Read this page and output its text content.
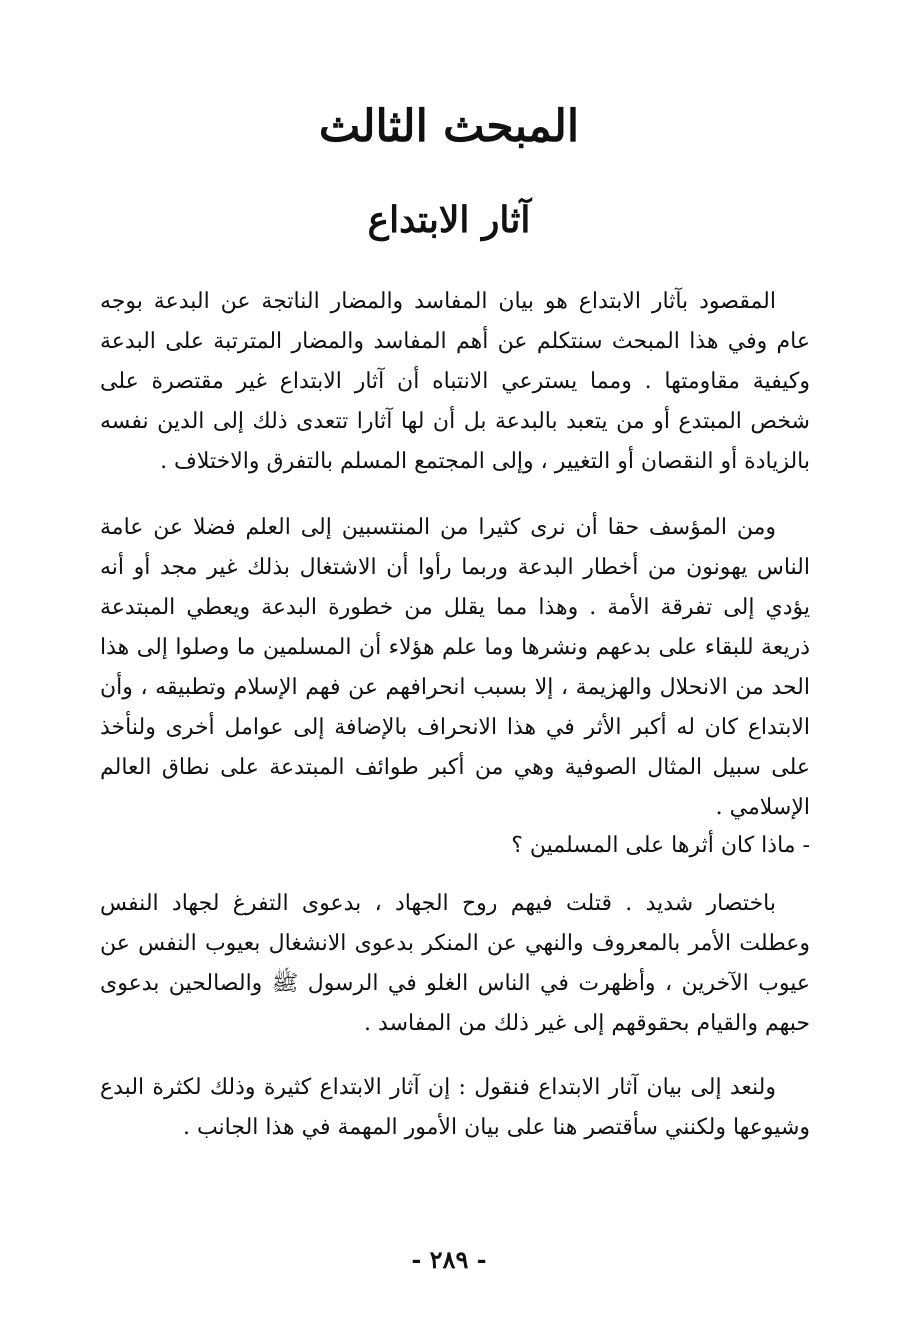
المبحث الثالث
آثار الابتداع

المقصود بآثار الابتداع هو بيان المفاسد والمضار الناتجة عن البدعة بوجه عام وفي هذا المبحث سنتكلم عن أهم المفاسد والمضار المترتبة على البدعة وكيفية مقاومتها . ومما يسترعي الانتباه أن آثار الابتداع غير مقتصرة على شخص المبتدع أو من يتعبد بالبدعة بل أن لها آثارا تتعدى ذلك إلى الدين نفسه بالزيادة أو النقصان أو التغيير ، وإلى المجتمع المسلم بالتفرق والاختلاف .

ومن المؤسف حقا أن نرى كثيرا من المنتسبين إلى العلم فضلا عن عامة الناس يهونون من أخطار البدعة وربما رأوا أن الاشتغال بذلك غير مجد أو أنه يؤدي إلى تفرقة الأمة . وهذا مما يقلل من خطورة البدعة ويعطي المبتدعة ذريعة للبقاء على بدعهم ونشرها وما علم هؤلاء أن المسلمين ما وصلوا إلى هذا الحد من الانحلال والهزيمة ، إلا بسبب انحرافهم عن فهم الإسلام وتطبيقه ، وأن الابتداع كان له أكبر الأثر في هذا الانحراف بالإضافة إلى عوامل أخرى ولنأخذ على سبيل المثال الصوفية وهي من أكبر طوائف المبتدعة على نطاق العالم الإسلامي .

- ماذا كان أثرها على المسلمين ؟

باختصار شديد . قتلت فيهم روح الجهاد ، بدعوى التفرغ لجهاد النفس وعطلت الأمر بالمعروف والنهي عن المنكر بدعوى الانشغال بعيوب النفس عن عيوب الآخرين ، وأظهرت في الناس الغلو في الرسول ﷺ والصالحين بدعوى حبهم والقيام بحقوقهم إلى غير ذلك من المفاسد .

ولنعد إلى بيان آثار الابتداع فنقول : إن آثار الابتداع كثيرة وذلك لكثرة البدع وشيوعها ولكنني سأقتصر هنا على بيان الأمور المهمة في هذا الجانب .

- ٢٨٩ -
